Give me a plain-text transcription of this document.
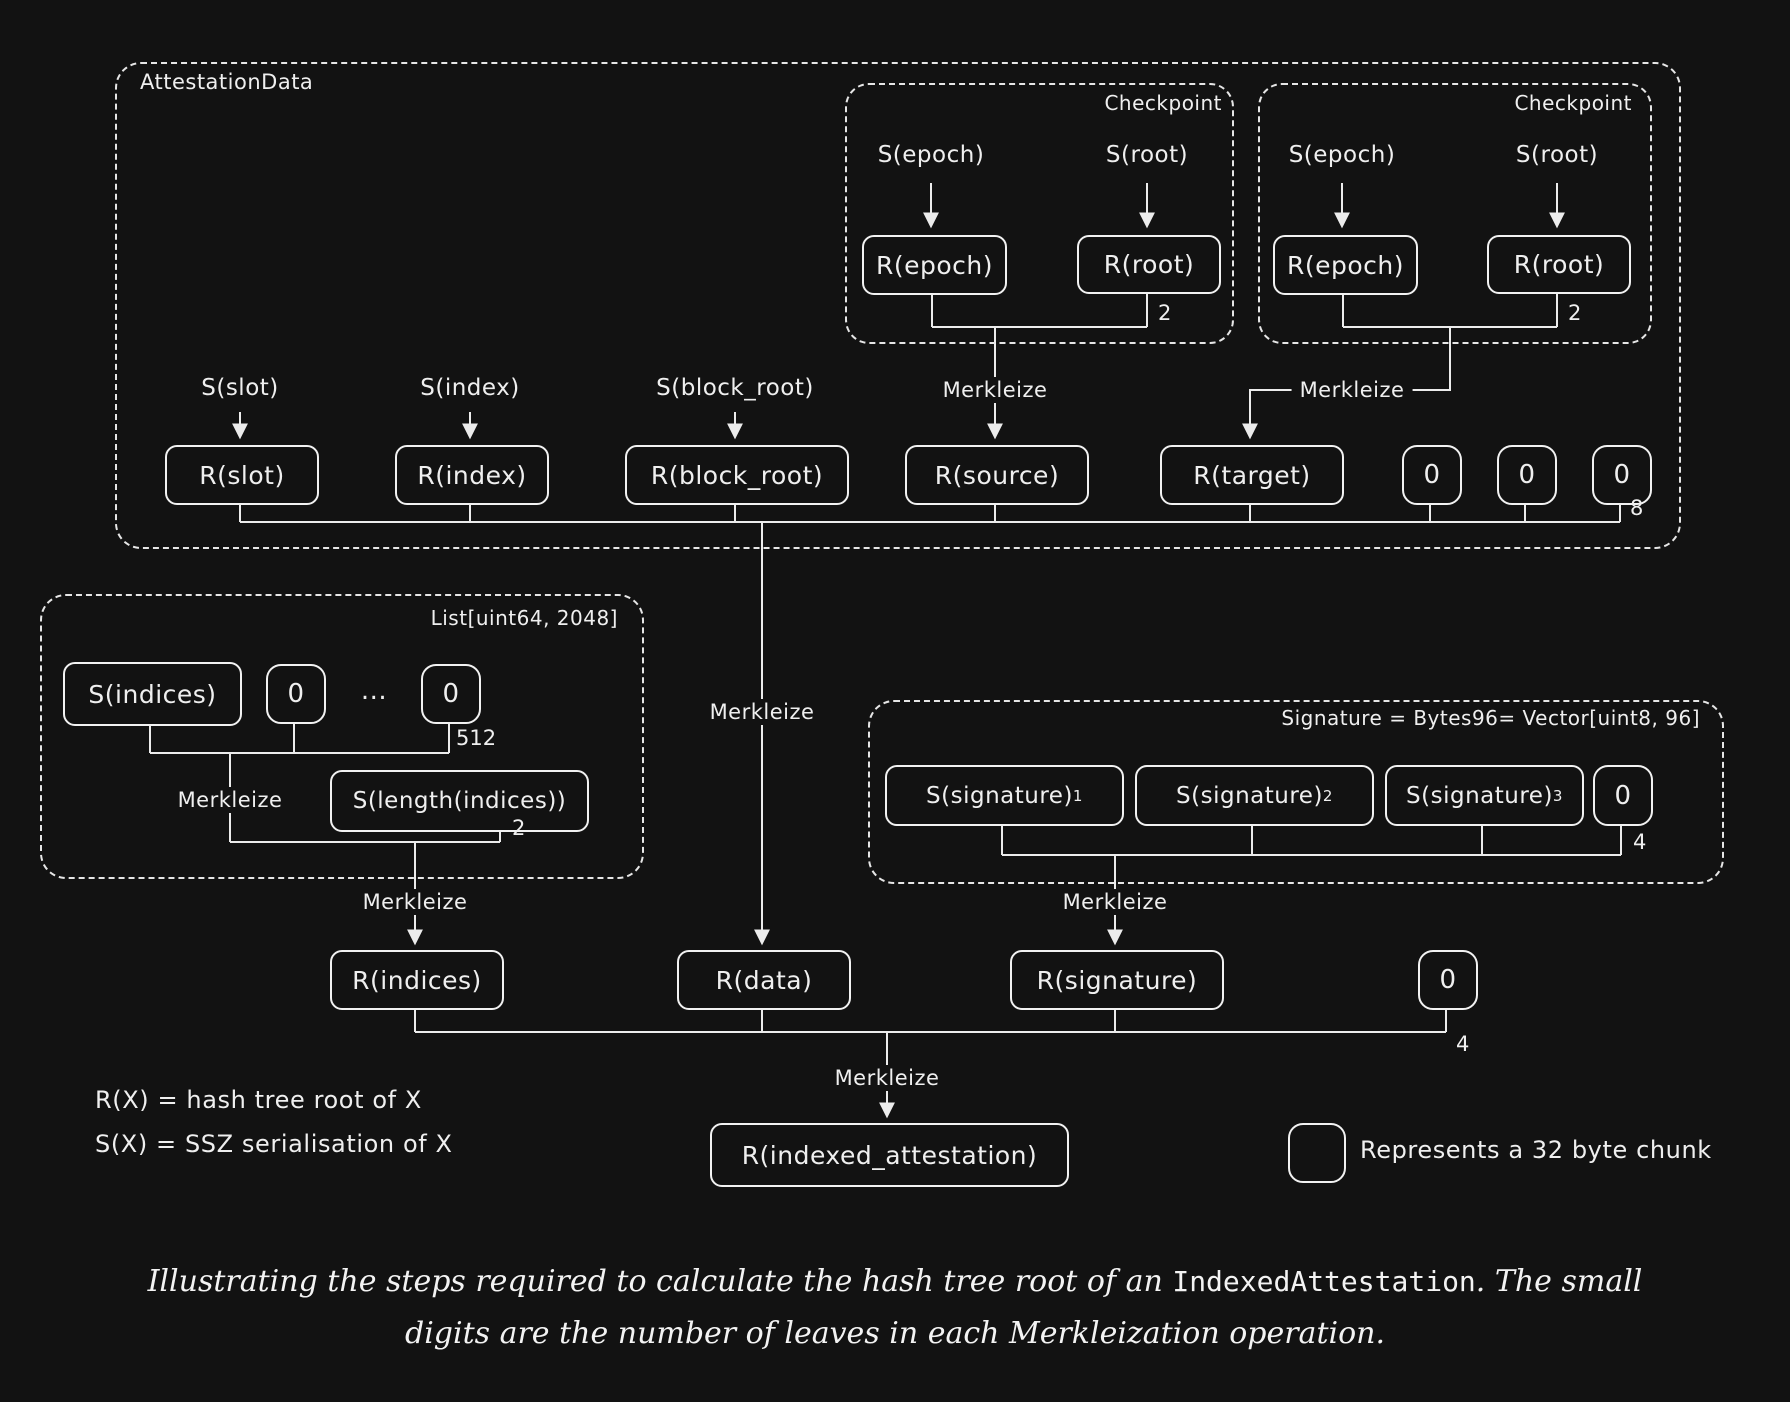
AttestationData
Checkpoint
S(epoch)	S(root)
R(epoch)	R(root)
2
Checkpoint
S(epoch)	S(root)
R(epoch)	R(root)
2
Merkleize	Merkleize
S(slot)	S(index)	S(block_root)
R(slot)	R(index)	R(block_root)	R(source)	R(target)	0	0	0
8
List[uint64, 2048]
S(indices)	0	...	0
512
Merkleize	S(length(indices))
2
Merkleize
Merkleize	Signature = Bytes96= Vector[uint8, 96]
S(signature) 1	S(signature) 2	S(signature) 3	0
4
Merkleize
R(indices)	R(data)	R(signature)	0
4
Merkleize
R(indexed_attestation)
R(X) = hash tree root of X
S(X) = SSZ serialisation of X	Represents a 32 byte chunk
Illustrating the steps required to calculate the hash tree root of an IndexedAttestation. The small
digits are the number of leaves in each Merkleization operation.
